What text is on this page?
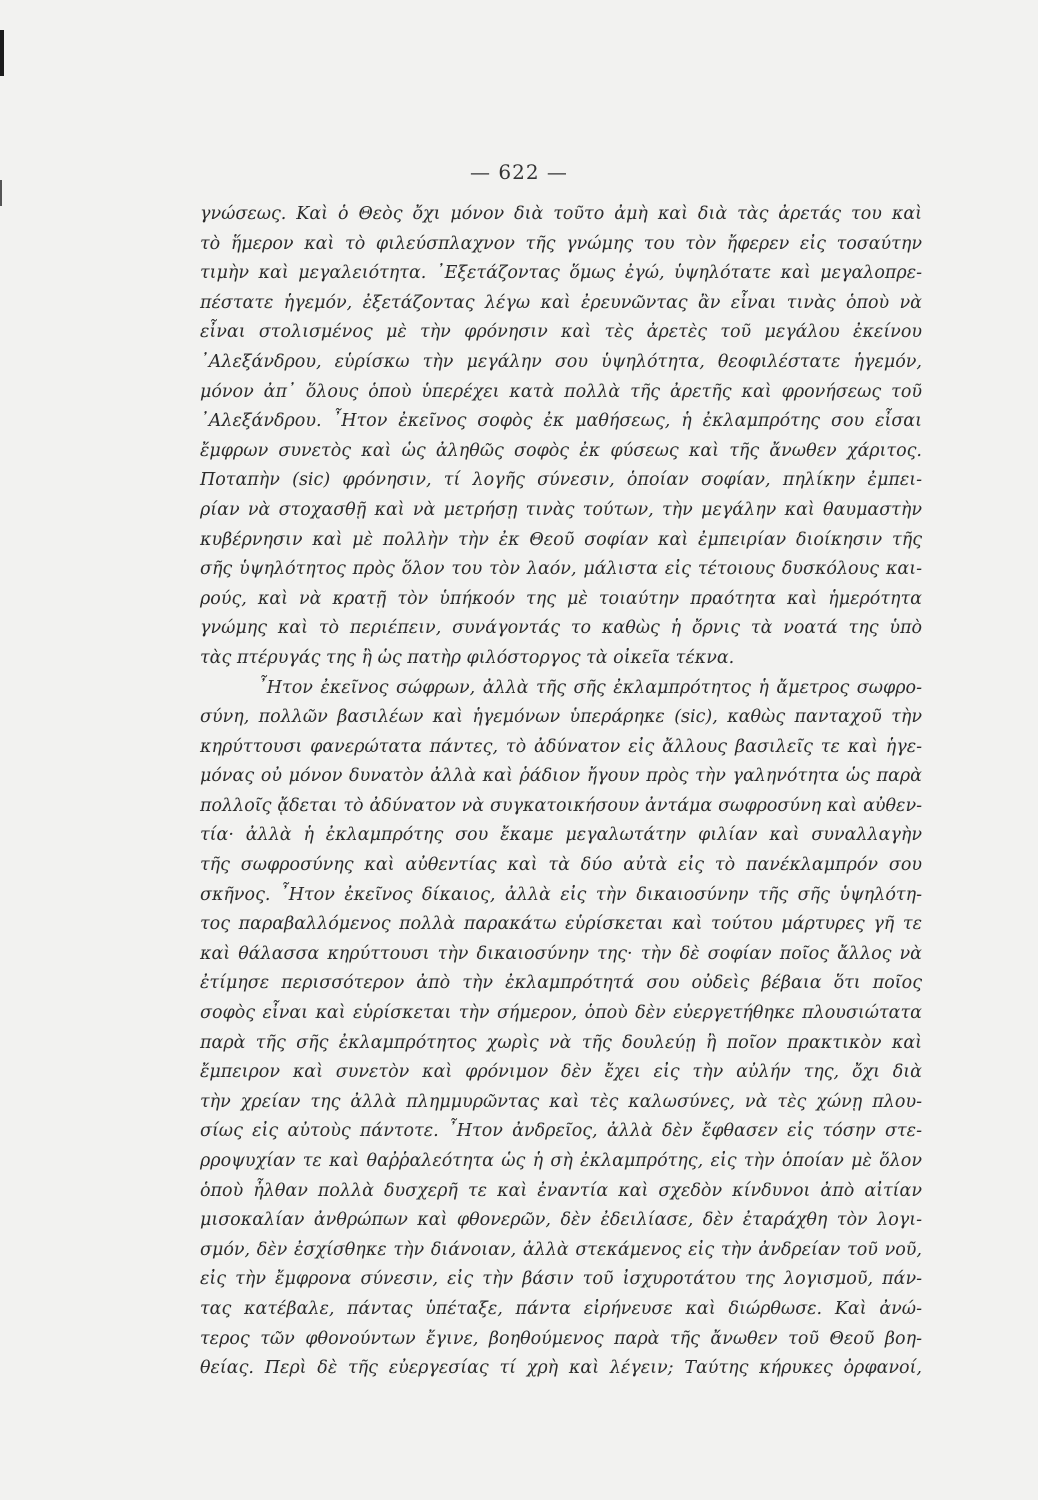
— 622 —
γνώσεως. Καὶ ὁ Θεὸς ὄχι μόνον διὰ τοῦτο ἀμὴ καὶ διὰ τὰς ἀρετάς του καὶ
τὸ ἥμερον καὶ τὸ φιλεύσπλαχνον τῆς γνώμης του τὸν ἤφερεν εἰς τοσαύτην
τιμὴν καὶ μεγαλειότητα. ᾿Εξετάζοντας ὅμως ἐγώ, ὑψηλότατε καὶ μεγαλοπρε-
πέστατε ἡγεμόν, ἐξετάζοντας λέγω καὶ ἐρευνῶντας ἂν εἶναι τινὰς ὁποὺ νὰ
εἶναι στολισμένος μὲ τὴν φρόνησιν καὶ τὲς ἀρετὲς τοῦ μεγάλου ἐκείνου
᾿Αλεξάνδρου, εὑρίσκω τὴν μεγάλην σου ὑψηλότητα, θεοφιλέστατε ἡγεμόν,
μόνον ἀπ᾿ ὅλους ὁποὺ ὑπερέχει κατὰ πολλὰ τῆς ἀρετῆς καὶ φρονήσεως τοῦ
᾿Αλεξάνδρου. ῏Ητον ἐκεῖνος σοφὸς ἐκ μαθήσεως, ἡ ἐκλαμπρότης σου εἶσαι
ἔμφρων συνετὸς καὶ ὡς ἀληθῶς σοφὸς ἐκ φύσεως καὶ τῆς ἄνωθεν χάριτος.
Ποταπὴν (sic) φρόνησιν, τί λογῆς σύνεσιν, ὁποίαν σοφίαν, πηλίκην ἐμπει-
ρίαν νὰ στοχασθῇ καὶ νὰ μετρήσῃ τινὰς τούτων, τὴν μεγάλην καὶ θαυμαστὴν
κυβέρνησιν καὶ μὲ πολλὴν τὴν ἐκ Θεοῦ σοφίαν καὶ ἐμπειρίαν διοίκησιν τῆς
σῆς ὑψηλότητος πρὸς ὅλον του τὸν λαόν, μάλιστα εἰς τέτοιους δυσκόλους και-
ρούς, καὶ νὰ κρατῇ τὸν ὑπήκοόν της μὲ τοιαύτην πραότητα καὶ ἡμερότητα
γνώμης καὶ τὸ περιέπειν, συνάγοντάς το καθὼς ἡ ὄρνις τὰ νοατά της ὑπὸ
τὰς πτέρυγάς της ἢ ὡς πατὴρ φιλόστοργος τὰ οἰκεῖα τέκνα.
῏Ητον ἐκεῖνος σώφρων, ἀλλὰ τῆς σῆς ἐκλαμπρότητος ἡ ἄμετρος σωφρο-
σύνη, πολλῶν βασιλέων καὶ ἡγεμόνων ὑπεράρηκε (sic), καθὼς πανταχοῦ τὴν
κηρύττουσι φανερώτατα πάντες, τὸ ἀδύνατον εἰς ἄλλους βασιλεῖς τε καὶ ἡγε-
μόνας οὐ μόνον δυνατὸν ἀλλὰ καὶ ῥάδιον ἤγουν πρὸς τὴν γαληνότητα ὡς παρὰ
πολλοῖς ᾄδεται τὸ ἀδύνατον νὰ συγκατοικήσουν ἀντάμα σωφροσύνη καὶ αὐθεν-
τία· ἀλλὰ ἡ ἐκλαμπρότης σου ἔκαμε μεγαλωτάτην φιλίαν καὶ συναλλαγὴν
τῆς σωφροσύνης καὶ αὐθεντίας καὶ τὰ δύο αὐτὰ εἰς τὸ πανέκλαμπρόν σου
σκῆνος. ῏Ητον ἐκεῖνος δίκαιος, ἀλλὰ εἰς τὴν δικαιοσύνην τῆς σῆς ὑψηλότη-
τος παραβαλλόμενος πολλὰ παρακάτω εὑρίσκεται καὶ τούτου μάρτυρες γῆ τε
καὶ θάλασσα κηρύττουσι τὴν δικαιοσύνην της· τὴν δὲ σοφίαν ποῖος ἄλλος νὰ
ἐτίμησε περισσότερον ἀπὸ τὴν ἐκλαμπρότητά σου οὐδεὶς βέβαια ὅτι ποῖος
σοφὸς εἶναι καὶ εὑρίσκεται τὴν σήμερον, ὁποὺ δὲν εὐεργετήθηκε πλουσιώτατα
παρὰ τῆς σῆς ἐκλαμπρότητος χωρὶς νὰ τῆς δουλεύῃ ἢ ποῖον πρακτικὸν καὶ
ἔμπειρον καὶ συνετὸν καὶ φρόνιμον δὲν ἔχει εἰς τὴν αὐλήν της, ὄχι διὰ
τὴν χρείαν της ἀλλὰ πλημμυρῶντας καὶ τὲς καλωσύνες, νὰ τὲς χώνῃ πλου-
σίως εἰς αὐτοὺς πάντοτε. ῏Ητον ἀνδρεῖος, ἀλλὰ δὲν ἔφθασεν εἰς τόσην στε-
ρροψυχίαν τε καὶ θαῤῥαλεότητα ὡς ἡ σὴ ἐκλαμπρότης, εἰς τὴν ὁποίαν μὲ ὅλον
ὁποὺ ἦλθαν πολλὰ δυσχερῆ τε καὶ ἐναντία καὶ σχεδὸν κίνδυνοι ἀπὸ αἰτίαν
μισοκαλίαν ἀνθρώπων καὶ φθονερῶν, δὲν ἐδειλίασε, δὲν ἐταράχθη τὸν λογι-
σμόν, δὲν ἐσχίσθηκε τὴν διάνοιαν, ἀλλὰ στεκάμενος εἰς τὴν ἀνδρείαν τοῦ νοῦ,
εἰς τὴν ἔμφρονα σύνεσιν, εἰς τὴν βάσιν τοῦ ἰσχυροτάτου της λογισμοῦ, πάν-
τας κατέβαλε, πάντας ὑπέταξε, πάντα εἰρήνευσε καὶ διώρθωσε. Καὶ ἀνώ-
τερος τῶν φθονούντων ἔγινε, βοηθούμενος παρὰ τῆς ἄνωθεν τοῦ Θεοῦ βοη-
θείας. Περὶ δὲ τῆς εὐεργεσίας τί χρὴ καὶ λέγειν; Ταύτης κήρυκες ὀρφανοί,
